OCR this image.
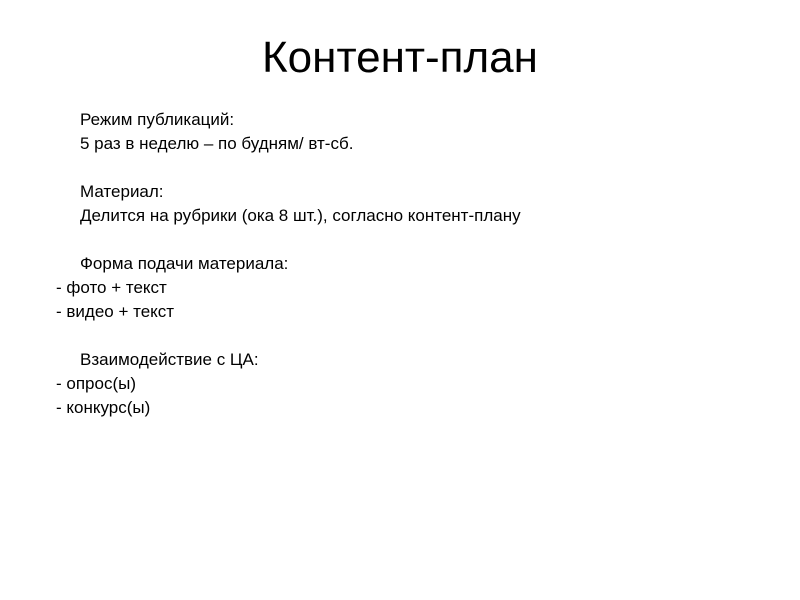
Контент-план

Режим публикаций:

5 раз в неделю – по будням/ вт-сб.

Материал:

Делится на рубрики (ока 8 шт.), согласно контент-плану

Форма подачи материала:

- фото + текст

- видео + текст

Взаимодействие с ЦА:

- опрос(ы)

- конкурс(ы)
